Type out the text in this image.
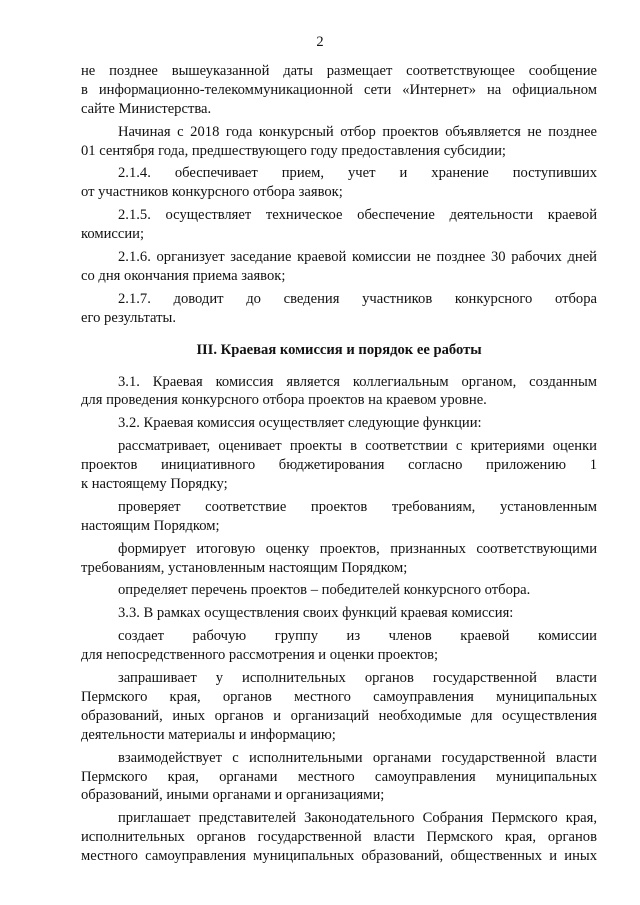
2
не позднее вышеуказанной даты размещает соответствующее сообщение
в информационно-телекоммуникационной сети «Интернет» на официальном
сайте Министерства.
Начиная с 2018 года конкурсный отбор проектов объявляется не позднее
01 сентября года, предшествующего году предоставления субсидии;
2.1.4. обеспечивает прием, учет и хранение поступивших
от участников конкурсного отбора заявок;
2.1.5. осуществляет техническое обеспечение деятельности краевой
комиссии;
2.1.6. организует заседание краевой комиссии не позднее 30 рабочих дней
со дня окончания приема заявок;
2.1.7. доводит до сведения участников конкурсного отбора
его результаты.
III. Краевая комиссия и порядок ее работы
3.1. Краевая комиссия является коллегиальным органом, созданным
для проведения конкурсного отбора проектов на краевом уровне.
3.2. Краевая комиссия осуществляет следующие функции:
рассматривает, оценивает проекты в соответствии с критериями оценки
проектов инициативного бюджетирования согласно приложению 1
к настоящему Порядку;
проверяет соответствие проектов требованиям, установленным
настоящим Порядком;
формирует итоговую оценку проектов, признанных соответствующими
требованиям, установленным настоящим Порядком;
определяет перечень проектов – победителей конкурсного отбора.
3.3. В рамках осуществления своих функций краевая комиссия:
создает рабочую группу из членов краевой комиссии
для непосредственного рассмотрения и оценки проектов;
запрашивает у исполнительных органов государственной власти
Пермского края, органов местного самоуправления муниципальных
образований, иных органов и организаций необходимые для осуществления
деятельности материалы и информацию;
взаимодействует с исполнительными органами государственной власти
Пермского края, органами местного самоуправления муниципальных
образований, иными органами и организациями;
приглашает представителей Законодательного Собрания Пермского края,
исполнительных органов государственной власти Пермского края, органов
местного самоуправления муниципальных образований, общественных и иных
